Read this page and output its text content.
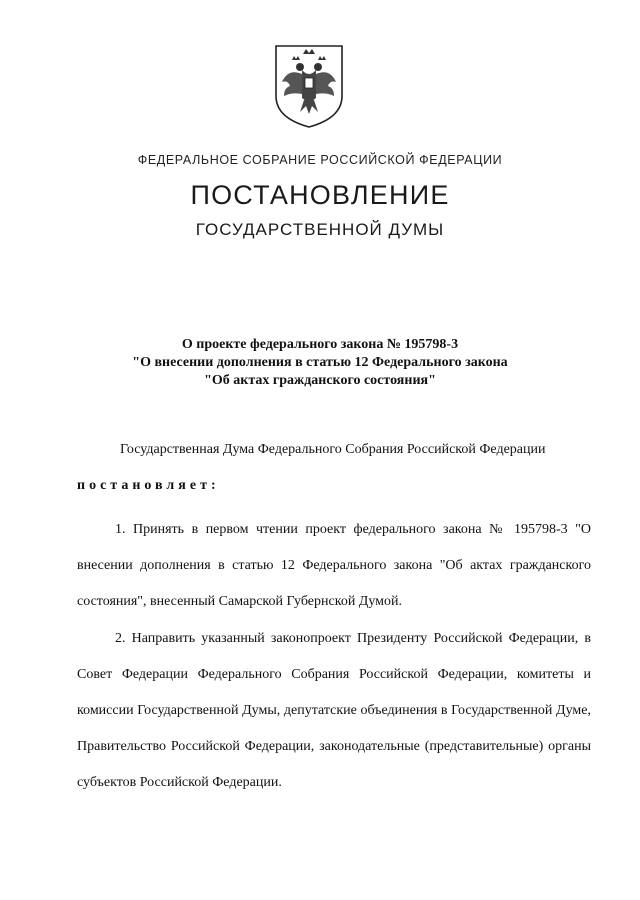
ФЕДЕРАЛЬНОЕ СОБРАНИЕ РОССИЙСКОЙ ФЕДЕРАЦИИ
ПОСТАНОВЛЕНИЕ
ГОСУДАРСТВЕННОЙ ДУМЫ
О проекте федерального закона № 195798-3
"О внесении дополнения в статью 12 Федерального закона
"Об актах гражданского состояния"
Государственная Дума Федерального Собрания Российской Федерации
постановляет:

1. Принять в первом чтении проект федерального закона № 195798-3 "О внесении дополнения в статью 12 Федерального закона "Об актах гражданского состояния", внесенный Самарской Губернской Думой.

2. Направить указанный законопроект Президенту Российской Федерации, в Совет Федерации Федерального Собрания Российской Федерации, комитеты и комиссии Государственной Думы, депутатские объединения в Государственной Думе, Правительство Российской Федерации, законодательные (представительные) органы субъектов Российской Федерации.
